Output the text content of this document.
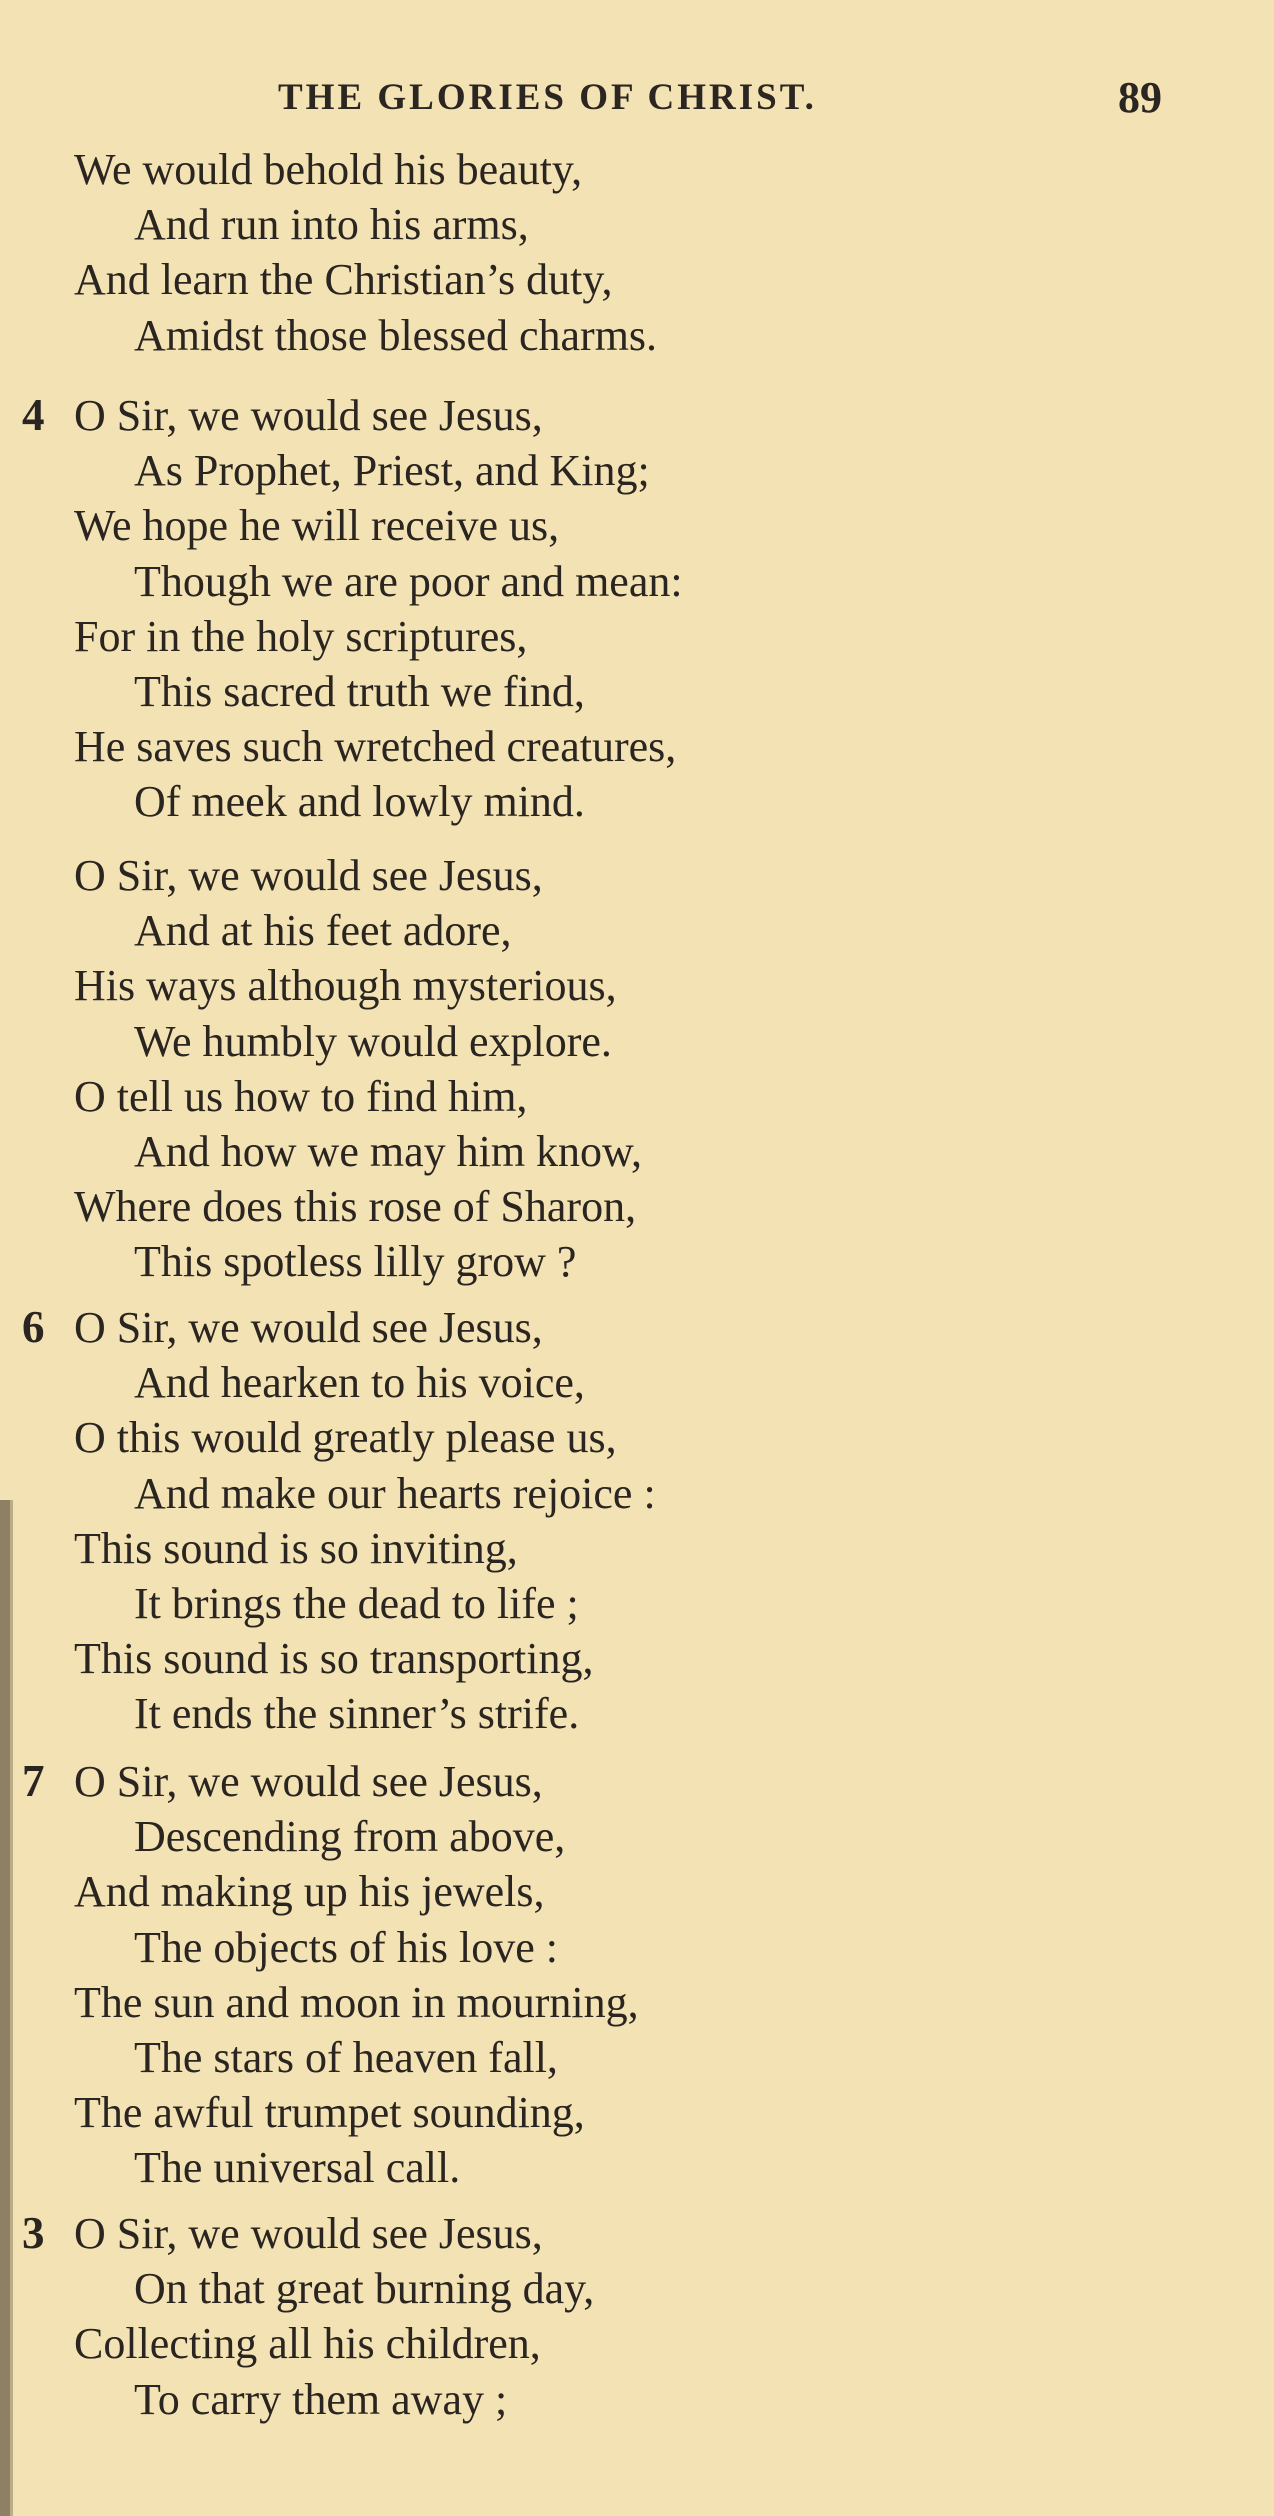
THE GLORIES OF CHRIST.	89
We would behold his beauty,
And run into his arms,
And learn the Christian’s duty,
Amidst those blessed charms.
4 O Sir, we would see Jesus,
As Prophet, Priest, and King;
We hope he will receive us,
Though we are poor and mean:
For in the holy scriptures,
This sacred truth we find,
He saves such wretched creatures,
Of meek and lowly mind.
O Sir, we would see Jesus,
And at his feet adore,
His ways although mysterious,
We humbly would explore.
O tell us how to find him,
And how we may him know,
Where does this rose of Sharon,
This spotless lilly grow ?
6 O Sir, we would see Jesus,
And hearken to his voice,
O this would greatly please us,
And make our hearts rejoice :
This sound is so inviting,
It brings the dead to life ;
This sound is so transporting,
It ends the sinner’s strife.
7 O Sir, we would see Jesus,
Descending from above,
And making up his jewels,
The objects of his love :
The sun and moon in mourning,
The stars of heaven fall,
The awful trumpet sounding,
The universal call.
3 O Sir, we would see Jesus,
On that great burning day,
Collecting all his children,
To carry them away ;
